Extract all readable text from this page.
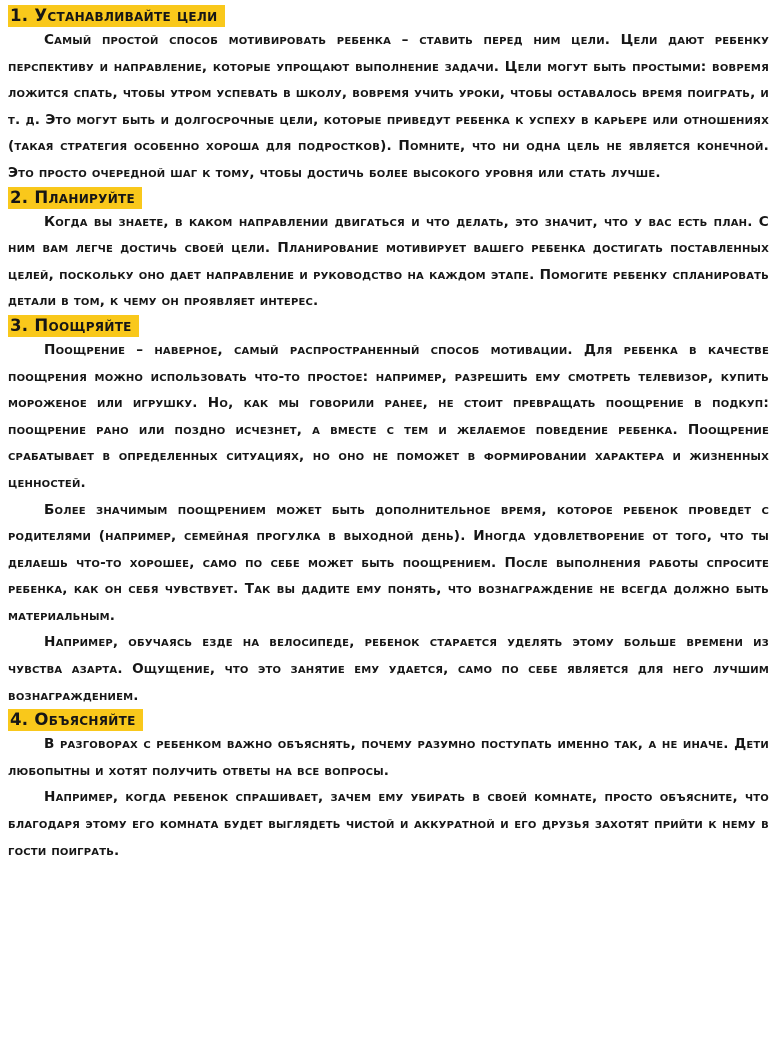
1. Устанавливайте цели

Самый простой способ мотивировать ребенка – ставить перед ним цели. Цели дают ребенку перспективу и направление, которые упрощают выполнение задачи. Цели могут быть простыми: вовремя ложится спать, чтобы утром успевать в школу, вовремя учить уроки, чтобы оставалось время поиграть, и т. д. Это могут быть и долгосрочные цели, которые приведут ребенка к успеху в карьере или отношениях (такая стратегия особенно хороша для подростков). Помните, что ни одна цель не является конечной. Это просто очередной шаг к тому, чтобы достичь более высокого уровня или стать лучше.

2. Планируйте

Когда вы знаете, в каком направлении двигаться и что делать, это значит, что у вас есть план. С ним вам легче достичь своей цели. Планирование мотивирует вашего ребенка достигать поставленных целей, поскольку оно дает направление и руководство на каждом этапе. Помогите ребенку спланировать детали в том, к чему он проявляет интерес.

3. Поощряйте

Поощрение – наверное, самый распространенный способ мотивации. Для ребенка в качестве поощрения можно использовать что-то простое: например, разрешить ему смотреть телевизор, купить мороженое или игрушку. Но, как мы говорили ранее, не стоит превращать поощрение в подкуп: поощрение рано или поздно исчезнет, а вместе с тем и желаемое поведение ребенка. Поощрение срабатывает в определенных ситуациях, но оно не поможет в формировании характера и жизненных ценностей.

Более значимым поощрением может быть дополнительное время, которое ребенок проведет с родителями (например, семейная прогулка в выходной день). Иногда удовлетворение от того, что ты делаешь что-то хорошее, само по себе может быть поощрением. После выполнения работы спросите ребенка, как он себя чувствует. Так вы дадите ему понять, что вознаграждение не всегда должно быть материальным.

Например, обучаясь езде на велосипеде, ребенок старается уделять этому больше времени из чувства азарта. Ощущение, что это занятие ему удается, само по себе является для него лучшим вознаграждением.

4. Объясняйте

В разговорах с ребенком важно объяснять, почему разумно поступать именно так, а не иначе. Дети любопытны и хотят получить ответы на все вопросы.

Например, когда ребенок спрашивает, зачем ему убирать в своей комнате, просто объясните, что благодаря этому его комната будет выглядеть чистой и аккуратной и его друзья захотят прийти к нему в гости поиграть.
